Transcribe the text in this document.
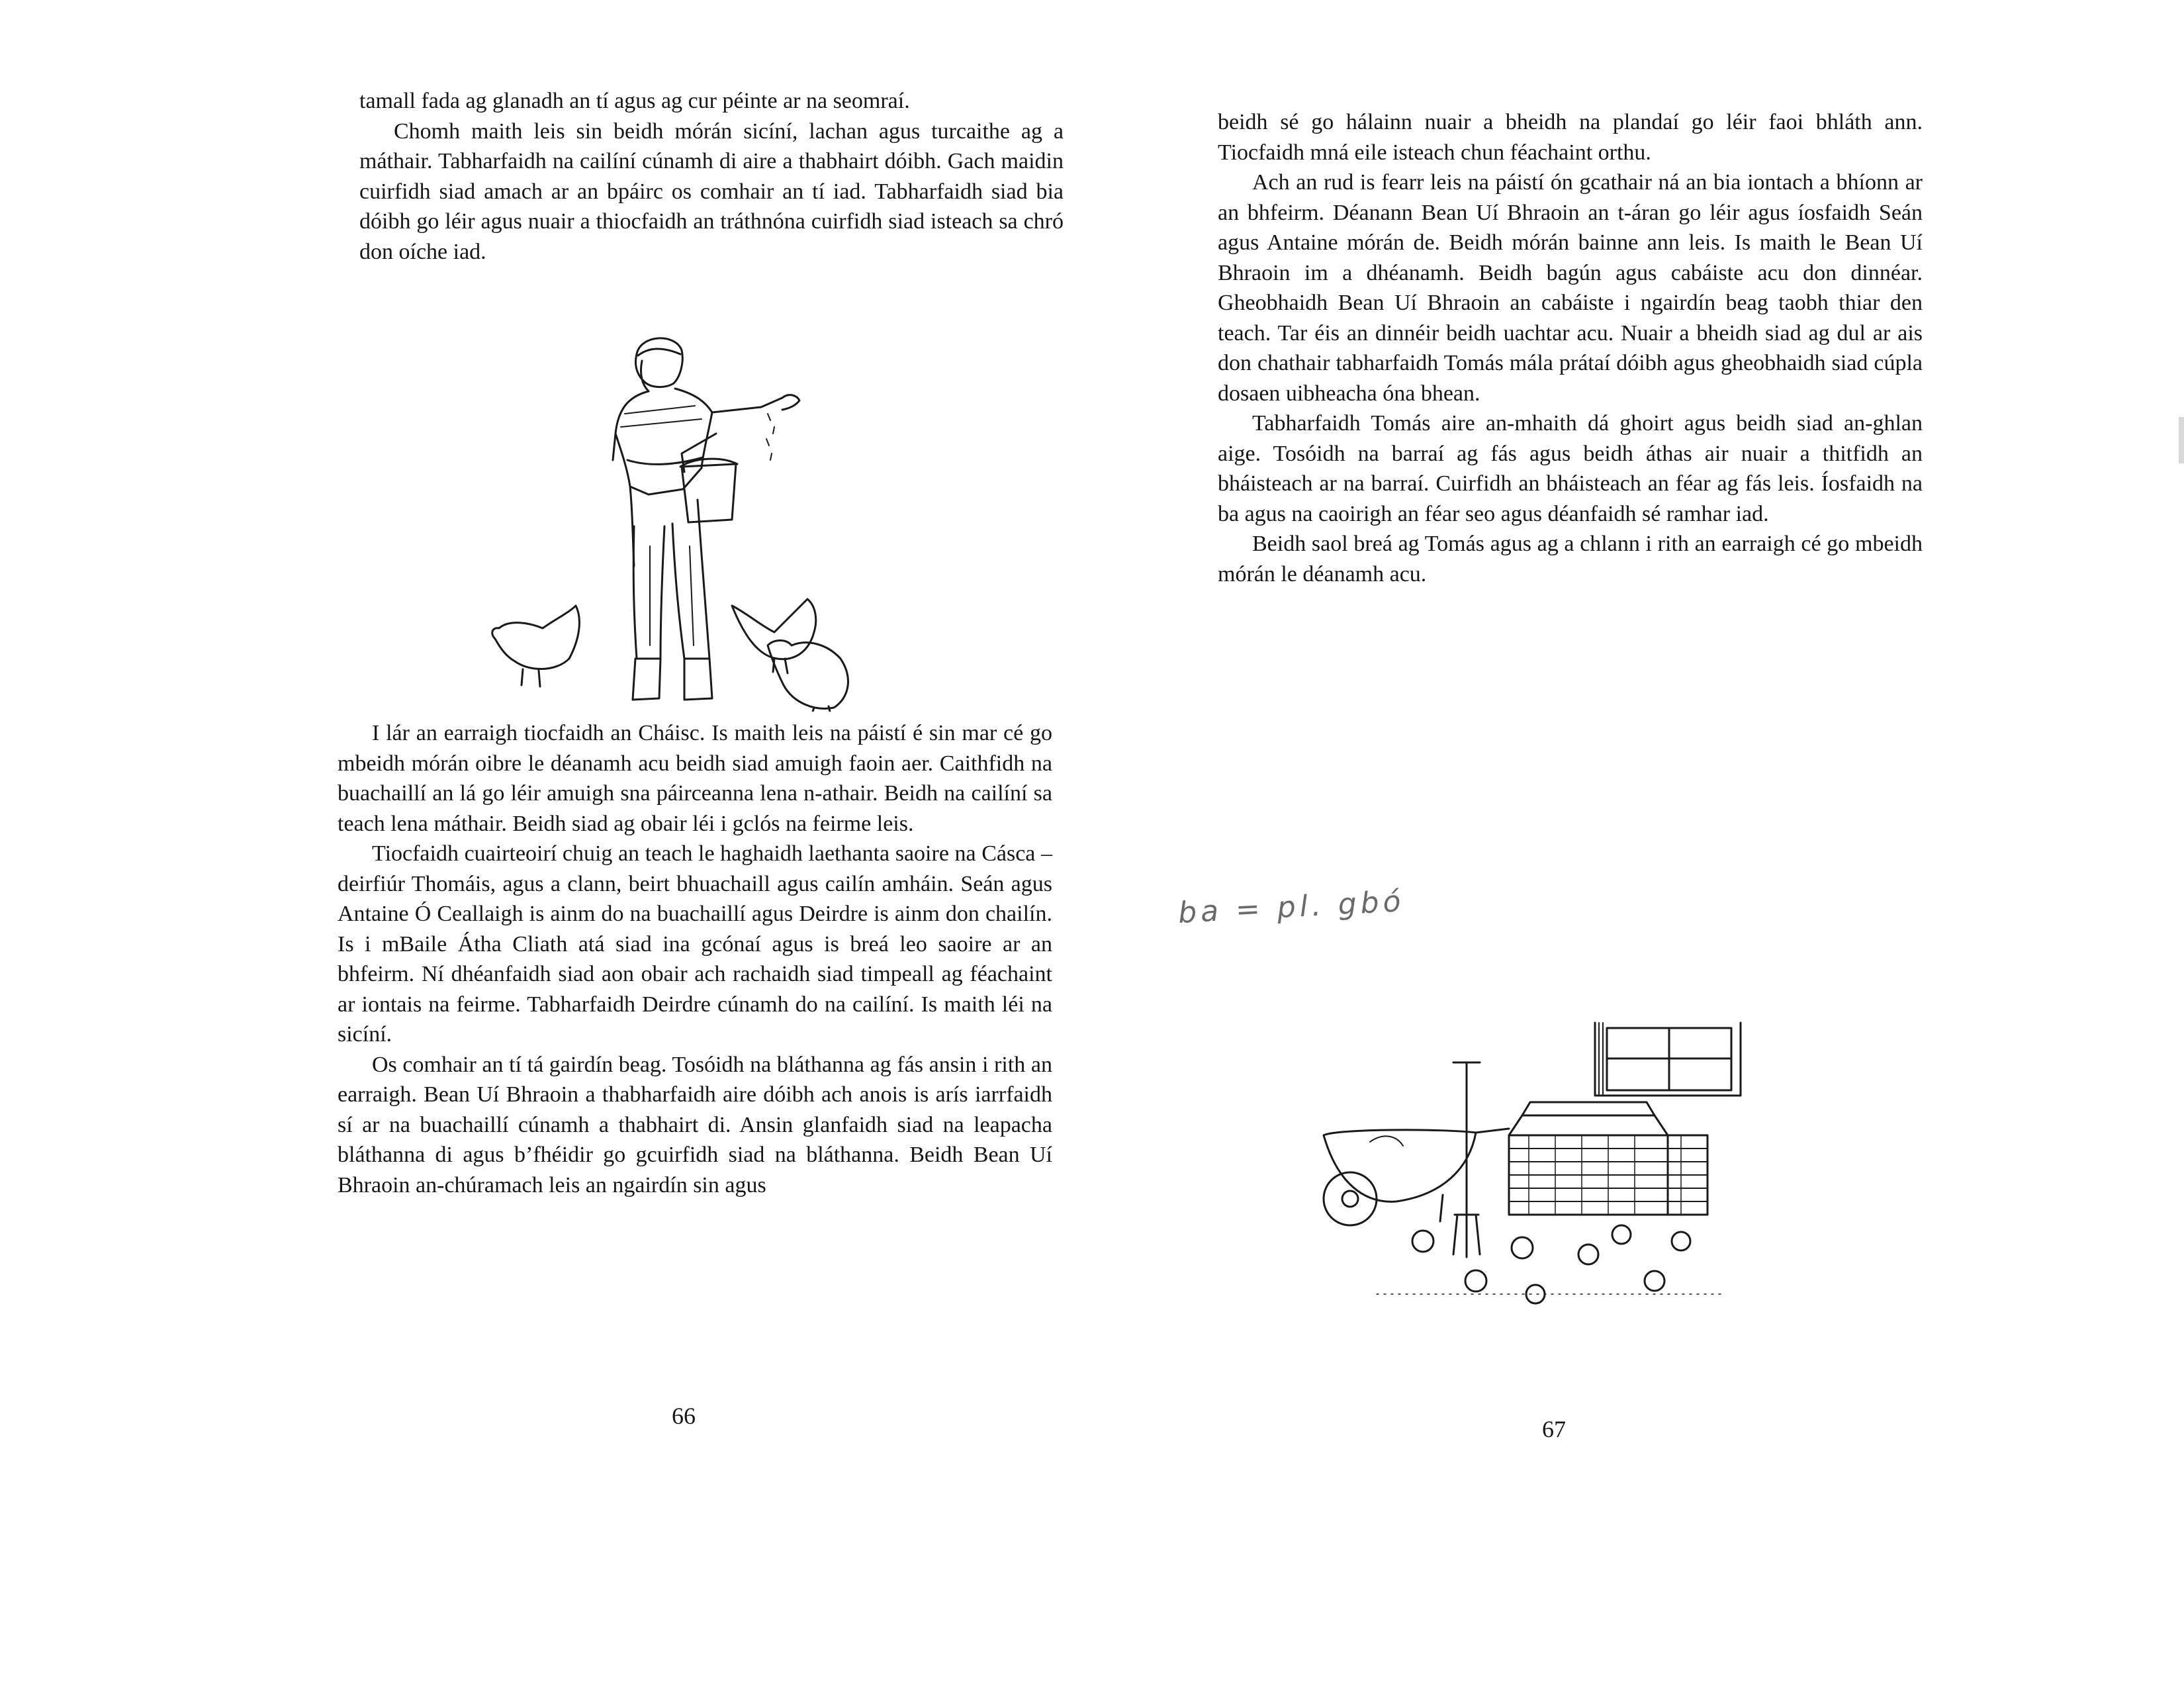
tamall fada ag glanadh an tí agus ag cur péinte ar na seomraí.

Chomh maith leis sin beidh mórán sicíní, lachan agus turcaithe ag a máthair. Tabharfaidh na cailíní cúnamh di aire a thabhairt dóibh. Gach maidin cuirfidh siad amach ar an bpáirc os comhair an tí iad. Tabharfaidh siad bia dóibh go léir agus nuair a thiocfaidh an tráthnóna cuirfidh siad isteach sa chró don oíche iad.

I lár an earraigh tiocfaidh an Cháisc. Is maith leis na páistí é sin mar cé go mbeidh mórán oibre le déanamh acu beidh siad amuigh faoin aer. Caithfidh na buachaillí an lá go léir amuigh sna páirceanna lena n-athair. Beidh na cailíní sa teach lena máthair. Beidh siad ag obair léi i gclós na feirme leis.

Tiocfaidh cuairteoirí chuig an teach le haghaidh laethanta saoire na Cásca – deirfiúr Thomáis, agus a clann, beirt bhuachaill agus cailín amháin. Seán agus Antaine Ó Ceallaigh is ainm do na buachaillí agus Deirdre is ainm don chailín. Is i mBaile Átha Cliath atá siad ina gcónaí agus is breá leo saoire ar an bhfeirm. Ní dhéanfaidh siad aon obair ach rachaidh siad timpeall ag féachaint ar iontais na feirme. Tabharfaidh Deirdre cúnamh do na cailíní. Is maith léi na sicíní.

Os comhair an tí tá gairdín beag. Tosóidh na bláthanna ag fás ansin i rith an earraigh. Bean Uí Bhraoin a thabharfaidh aire dóibh ach anois is arís iarrfaidh sí ar na buachaillí cúnamh a thabhairt di. Ansin glanfaidh siad na leapacha bláthanna di agus b’fhéidir go gcuirfidh siad na bláthanna. Beidh Bean Uí Bhraoin an-chúramach leis an ngairdín sin agus

66

beidh sé go hálainn nuair a bheidh na plandaí go léir faoi bhláth ann. Tiocfaidh mná eile isteach chun féachaint orthu.

Ach an rud is fearr leis na páistí ón gcathair ná an bia iontach a bhíonn ar an bhfeirm. Déanann Bean Uí Bhraoin an t-áran go léir agus íosfaidh Seán agus Antaine mórán de. Beidh mórán bainne ann leis. Is maith le Bean Uí Bhraoin im a dhéanamh. Beidh bagún agus cabáiste acu don dinnéar. Gheobhaidh Bean Uí Bhraoin an cabáiste i ngairdín beag taobh thiar den teach. Tar éis an dinnéir beidh uachtar acu. Nuair a bheidh siad ag dul ar ais don chathair tabharfaidh Tomás mála prátaí dóibh agus gheobhaidh siad cúpla dosaen uibheacha óna bhean.

Tabharfaidh Tomás aire an-mhaith dá ghoirt agus beidh siad an-ghlan aige. Tosóidh na barraí ag fás agus beidh áthas air nuair a thitfidh an bháisteach ar na barraí. Cuirfidh an bháisteach an féar ag fás leis. Íosfaidh na ba agus na caoirigh an féar seo agus déanfaidh sé ramhar iad.

Beidh saol breá ag Tomás agus ag a chlann i rith an earraigh cé go mbeidh mórán le déanamh acu.

ba = pl. gbó
67
